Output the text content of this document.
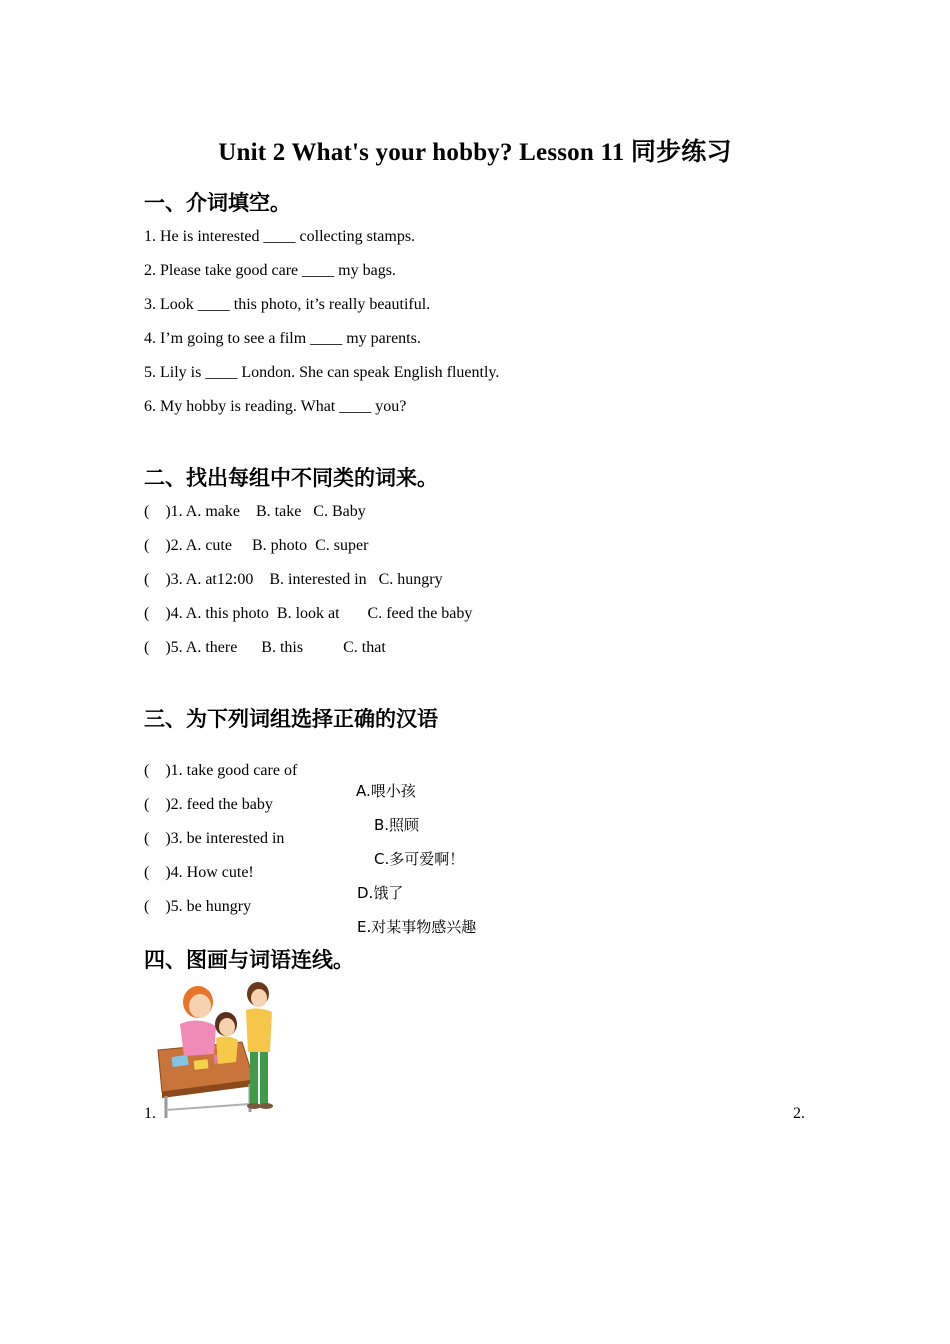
Unit 2 What's your hobby? Lesson 11 同步练习
一、介词填空。
1. He is interested ____ collecting stamps.
2. Please take good care ____ my bags.
3. Look ____ this photo, it’s really beautiful.
4. I’m going to see a film ____ my parents.
5. Lily is ____ London. She can speak English fluently.
6. My hobby is reading. What ____ you?
二、找出每组中不同类的词来。
(    )1. A. make    B. take   C. Baby
(    )2. A. cute     B. photo  C. super
(    )3. A. at12:00    B. interested in   C. hungry
(    )4. A. this photo  B. look at       C. feed the baby
(    )5. A. there      B. this          C. that
三、为下列词组选择正确的汉语

(    )1. take good care of

A.喂小孩

(    )2. feed the baby

B.照顾

(    )3. be interested in

C.多可爱啊！

(    )4. How cute!

D.饿了

(    )5. be hungry

E.对某事物感兴趣

四、图画与词语连线。
1.	2.
